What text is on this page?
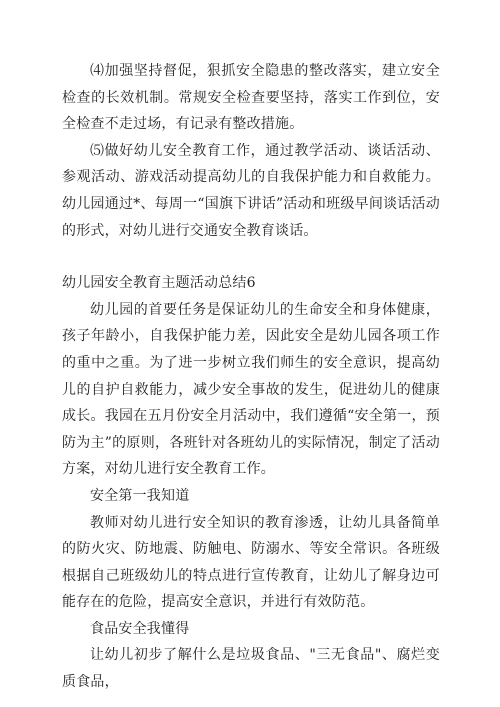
⑷加强坚持督促，狠抓安全隐患的整改落实，建立安全检查的长效机制。常规安全检查要坚持，落实工作到位，安全检查不走过场，有记录有整改措施。

⑸做好幼儿安全教育工作，通过教学活动、谈话活动、参观活动、游戏活动提高幼儿的自我保护能力和自救能力。幼儿园通过*、每周一“国旗下讲话”活动和班级早间谈话活动的形式，对幼儿进行交通安全教育谈话。

幼儿园安全教育主题活动总结6

幼儿园的首要任务是保证幼儿的生命安全和身体健康，孩子年龄小，自我保护能力差，因此安全是幼儿园各项工作的重中之重。为了进一步树立我们师生的安全意识，提高幼儿的自护自救能力，减少安全事故的发生，促进幼儿的健康成长。我园在五月份安全月活动中，我们遵循“安全第一，预防为主”的原则，各班针对各班幼儿的实际情况，制定了活动方案，对幼儿进行安全教育工作。

安全第一我知道

教师对幼儿进行安全知识的教育渗透，让幼儿具备简单的防火灾、防地震、防触电、防溺水、等安全常识。各班级根据自己班级幼儿的特点进行宣传教育，让幼儿了解身边可能存在的危险，提高安全意识，并进行有效防范。

食品安全我懂得

让幼儿初步了解什么是垃圾食品、"三无食品"、腐烂变质食品，
